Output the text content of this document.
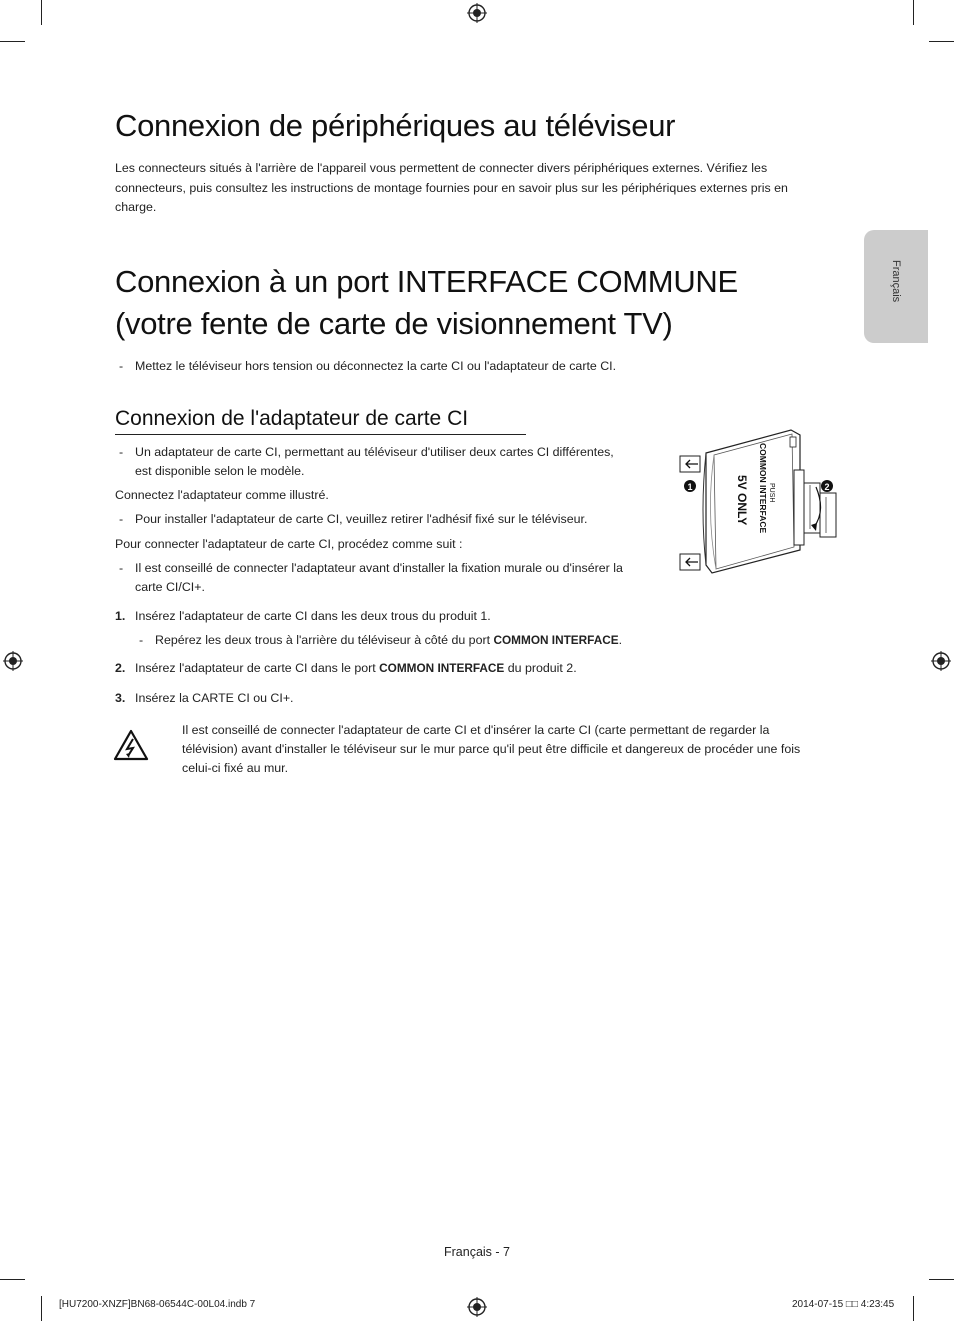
Français
Connexion de périphériques au téléviseur

Les connecteurs situés à l'arrière de l'appareil vous permettent de connecter divers périphériques externes. Vérifiez les connecteurs, puis consultez les instructions de montage fournies pour en savoir plus sur les périphériques externes pris en charge.

Connexion à un port INTERFACE COMMUNE
(votre fente de carte de visionnement TV)
- Mettez le téléviseur hors tension ou déconnectez la carte CI ou l'adaptateur de carte CI.

Connexion de l'adaptateur de carte CI
- Un adaptateur de carte CI, permettant au téléviseur d'utiliser deux cartes CI différentes,

est disponible selon le modèle.

Connectez l'adaptateur comme illustré.

- Pour installer l'adaptateur de carte CI, veuillez retirer l'adhésif fixé sur le téléviseur.

Pour connecter l'adaptateur de carte CI, procédez comme suit :

- Il est conseillé de connecter l'adaptateur avant d'installer la fixation murale ou d'insérer la

carte CI/CI+.

1. Insérez l'adaptateur de carte CI dans les deux trous du produit 1.

- Repérez les deux trous à l'arrière du téléviseur à côté du port COMMON INTERFACE.

2. Insérez l'adaptateur de carte CI dans le port COMMON INTERFACE du produit 2.

3. Insérez la CARTE CI ou CI+.

Il est conseillé de connecter l'adaptateur de carte CI et d'insérer la carte CI (carte permettant de regarder la

télévision) avant d'installer le téléviseur sur le mur parce qu'il peut être difficile et dangereux de procéder une fois

celui-ci fixé au mur.

1	2
COMMON INTERFACE PUSH
5V ONLY
Français - 7
[HU7200-XNZF]BN68-06544C-00L04.indb 7	2014-07-15 □□ 4:23:45
